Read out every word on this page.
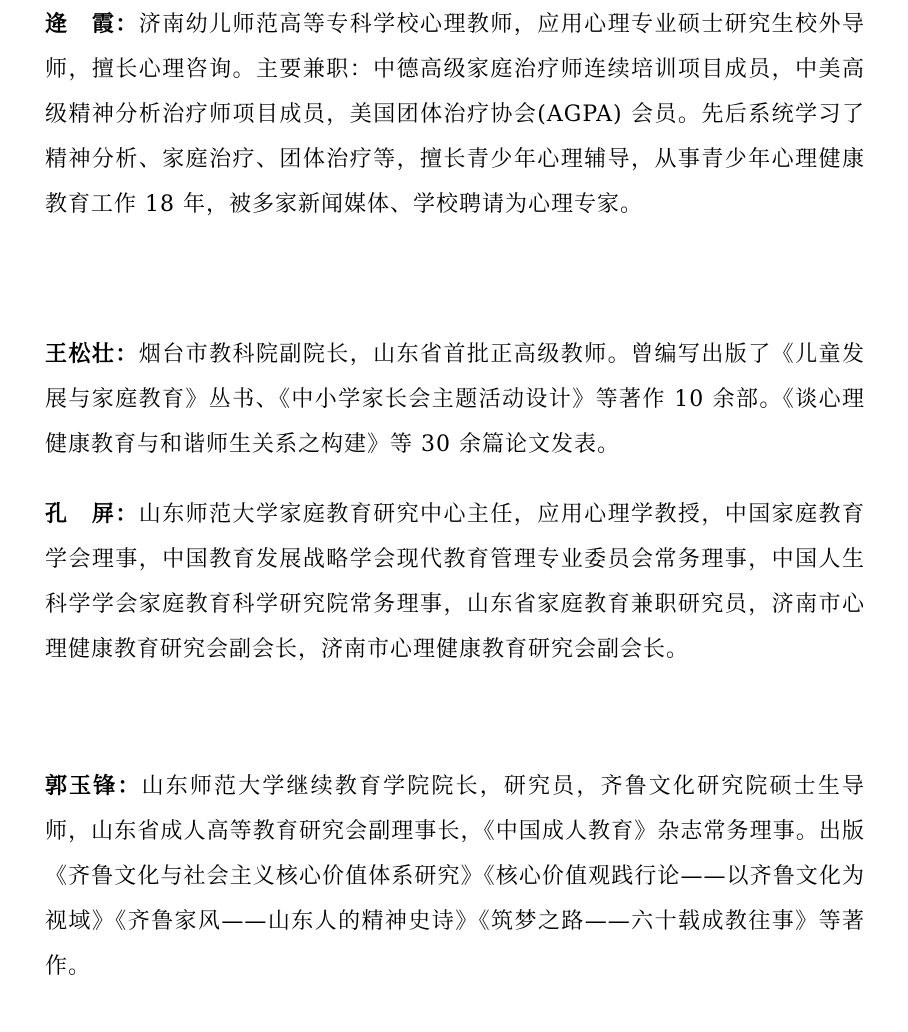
逄　霞：济南幼儿师范高等专科学校心理教师，应用心理专业硕士研究生校外导师，擅长心理咨询。主要兼职：中德高级家庭治疗师连续培训项目成员，中美高级精神分析治疗师项目成员，美国团体治疗协会(AGPA) 会员。先后系统学习了精神分析、家庭治疗、团体治疗等，擅长青少年心理辅导，从事青少年心理健康教育工作 18 年，被多家新闻媒体、学校聘请为心理专家。

王松壮：烟台市教科院副院长，山东省首批正高级教师。曾编写出版了《儿童发展与家庭教育》丛书、《中小学家长会主题活动设计》等著作 10 余部。《谈心理健康教育与和谐师生关系之构建》等 30 余篇论文发表。

孔　屏：山东师范大学家庭教育研究中心主任，应用心理学教授，中国家庭教育学会理事，中国教育发展战略学会现代教育管理专业委员会常务理事，中国人生科学学会家庭教育科学研究院常务理事，山东省家庭教育兼职研究员，济南市心理健康教育研究会副会长，济南市心理健康教育研究会副会长。

郭玉锋：山东师范大学继续教育学院院长，研究员，齐鲁文化研究院硕士生导师，山东省成人高等教育研究会副理事长，《中国成人教育》杂志常务理事。出版《齐鲁文化与社会主义核心价值体系研究》《核心价值观践行论——以齐鲁文化为视域》《齐鲁家风——山东人的精神史诗》《筑梦之路——六十载成教往事》等著作。
